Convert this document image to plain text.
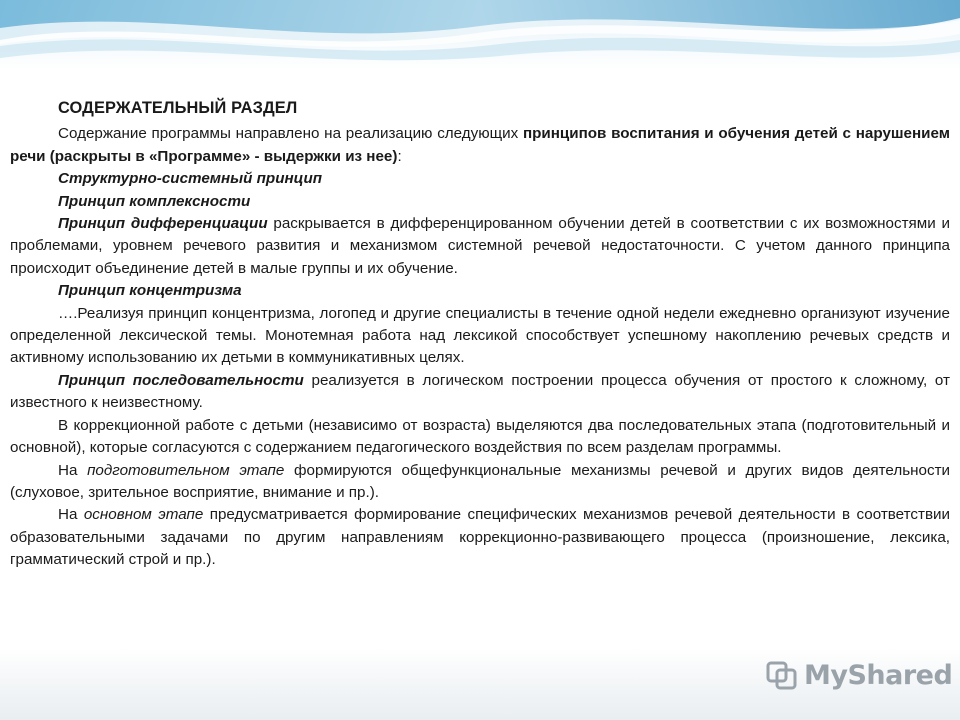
СОДЕРЖАТЕЛЬНЫЙ РАЗДЕЛ

Содержание программы направлено на реализацию следующих принципов воспитания и обучения детей с нарушением речи (раскрыты в «Программе» - выдержки из нее):

Структурно-системный принцип

Принцип комплексности

Принцип дифференциации раскрывается в дифференцированном обучении детей в соответствии с их возможностями и проблемами, уровнем речевого развития и механизмом системной речевой недостаточности. С учетом данного принципа происходит объединение детей в малые группы и их обучение.

Принцип концентризма

….Реализуя принцип концентризма, логопед и другие специалисты в течение одной недели ежедневно организуют изучение определенной лексической темы. Монотемная работа над лексикой способствует успешному накоплению речевых средств и активному использованию их детьми в коммуникативных целях.

Принцип последовательности реализуется в логическом построении процесса обучения от простого к сложному, от известного к неизвестному.

В коррекционной работе с детьми (независимо от возраста) выделяются два последовательных этапа (подготовительный и основной), которые согласуются с содержанием педагогического воздействия по всем разделам программы.

На подготовительном этапе формируются общефункциональные механизмы речевой и других видов деятельности (слуховое, зрительное восприятие, внимание и пр.).

На основном этапе предусматривается формирование специфических механизмов речевой деятельности в соответствии образовательными задачами по другим направлениям коррекционно-развивающего процесса (произношение, лексика, грамматический строй и пр.).

MyShared
